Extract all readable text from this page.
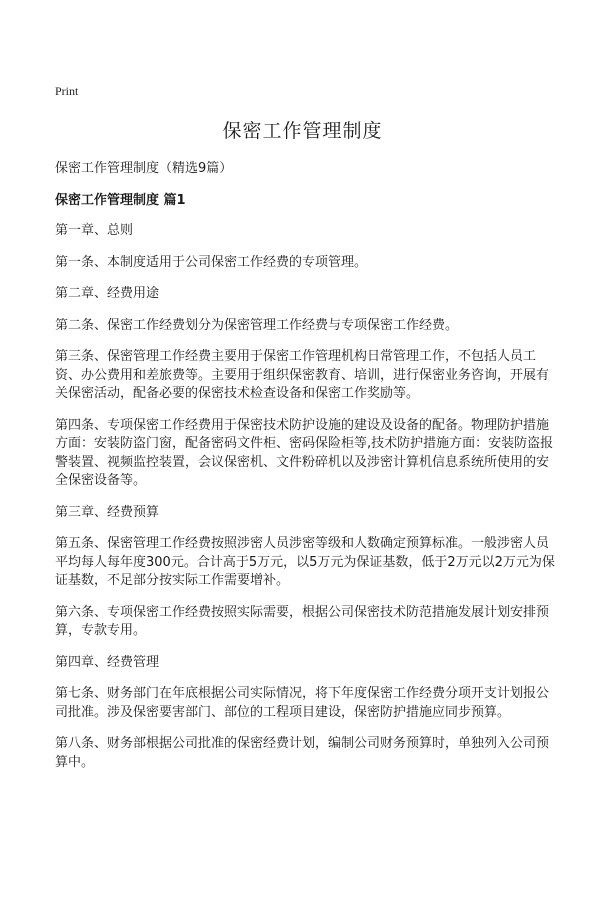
Print
保密工作管理制度
保密工作管理制度（精选9篇）
保密工作管理制度 篇1

第一章、总则

第一条、本制度适用于公司保密工作经费的专项管理。

第二章、经费用途

第二条、保密工作经费划分为保密管理工作经费与专项保密工作经费。

第三条、保密管理工作经费主要用于保密工作管理机构日常管理工作，不包括人员工资、办公费用和差旅费等。主要用于组织保密教育、培训，进行保密业务咨询，开展有关保密活动，配备必要的保密技术检查设备和保密工作奖励等。

第四条、专项保密工作经费用于保密技术防护设施的建设及设备的配备。物理防护措施方面：安装防盗门窗，配备密码文件柜、密码保险柜等,技术防护措施方面：安装防盗报警装置、视频监控装置，会议保密机、文件粉碎机以及涉密计算机信息系统所使用的安全保密设备等。

第三章、经费预算

第五条、保密管理工作经费按照涉密人员涉密等级和人数确定预算标准。一般涉密人员平均每人每年度300元。合计高于5万元，以5万元为保证基数，低于2万元以2万元为保证基数，不足部分按实际工作需要增补。

第六条、专项保密工作经费按照实际需要，根据公司保密技术防范措施发展计划安排预算，专款专用。

第四章、经费管理

第七条、财务部门在年底根据公司实际情况，将下年度保密工作经费分项开支计划报公司批准。涉及保密要害部门、部位的工程项目建设，保密防护措施应同步预算。

第八条、财务部根据公司批准的保密经费计划，编制公司财务预算时，单独列入公司预算中。
